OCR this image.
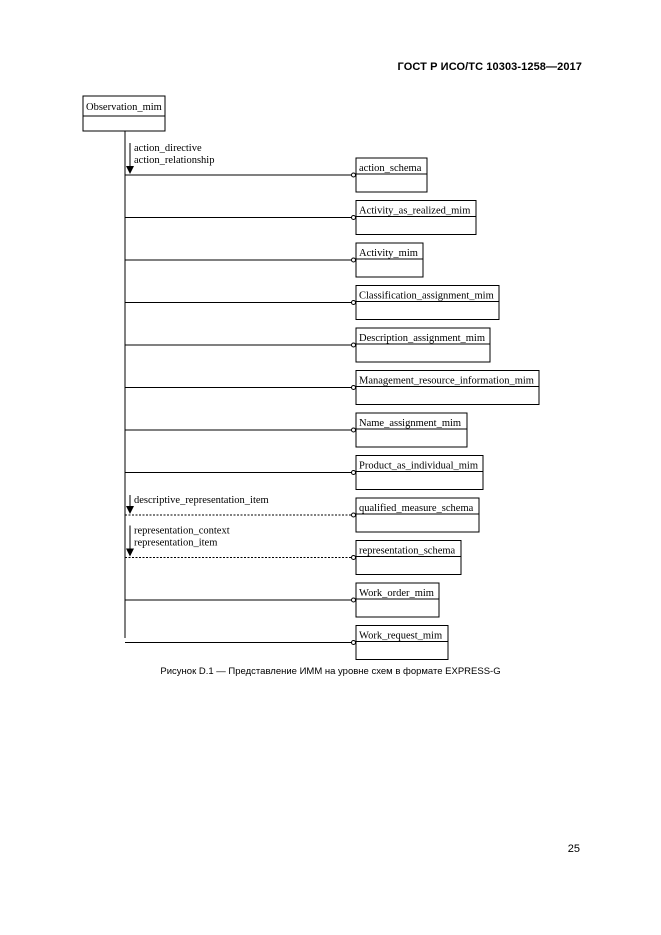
ГОСТ Р ИСО/ТС 10303-1258—2017
Observation_mim
action_schema
action_directive
action_relationship
Activity_as_realized_mim
Activity_mim
Classification_assignment_mim
Description_assignment_mim
Management_resource_information_mim
Name_assignment_mim
Product_as_individual_mim
qualified_measure_schema
descriptive_representation_item
representation_schema
representation_context
representation_item
Work_order_mim
Work_request_mim
Рисунок D.1 — Представление ИММ на уровне схем в формате EXPRESS-G
25
